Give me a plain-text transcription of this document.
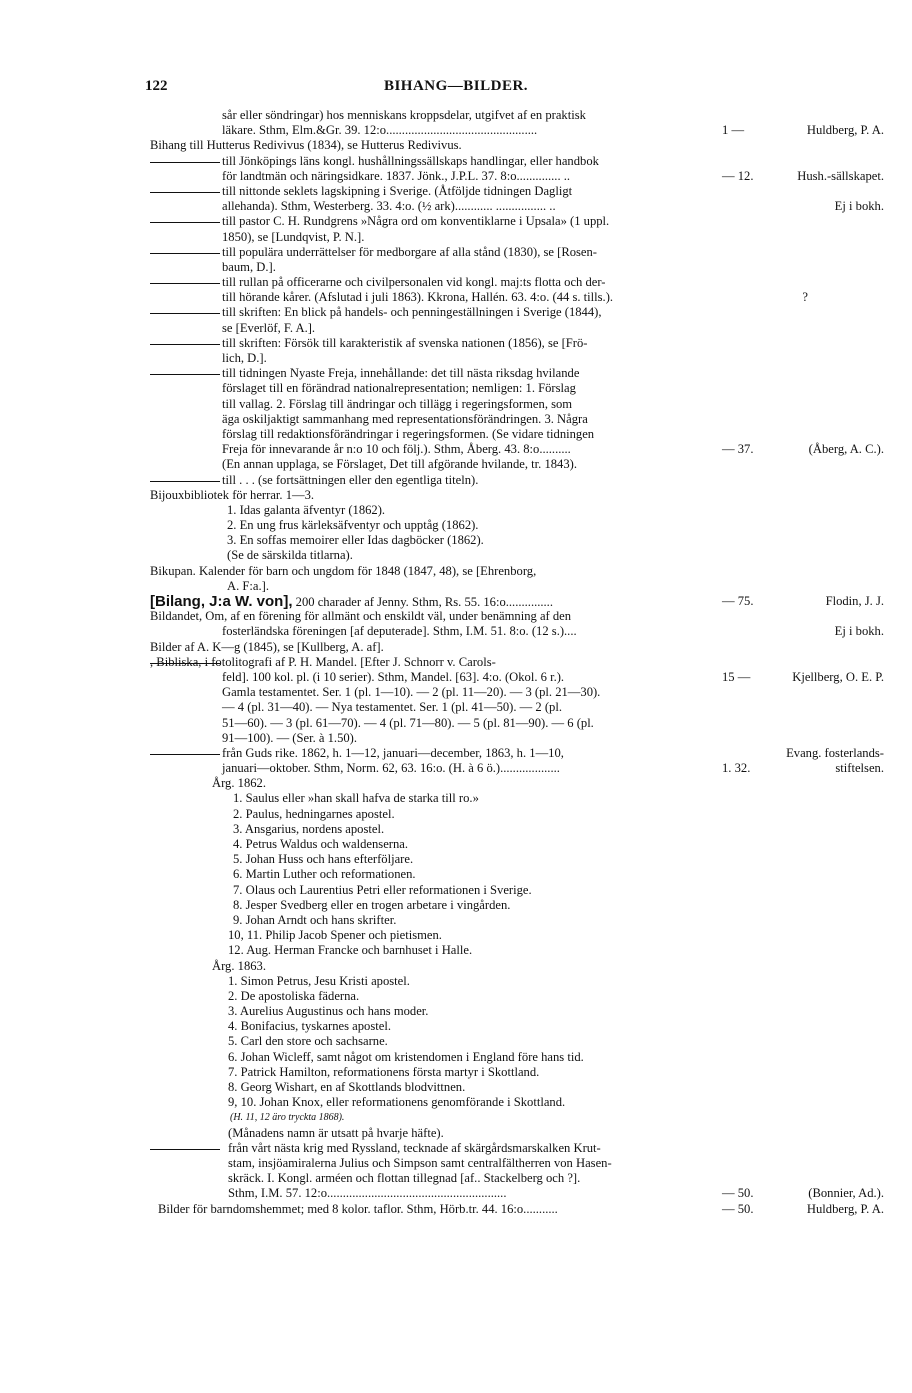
122	BIHANG—BILDER.
sår eller söndringar) hos menniskans kroppsdelar, utgifvet af en praktisk
läkare. Sthm, Elm.&Gr. 39. 12:o................................................	1 —	Huldberg, P. A.
Bihang till Hutterus Redivivus (1834), se Hutterus Redivivus.
till Jönköpings läns kongl. hushållningssällskaps handlingar, eller handbok
för landtmän och näringsidkare. 1837. Jönk., J.P.L. 37. 8:o.............. ..	— 12.	Hush.-sällskapet.
till nittonde seklets lagskipning i Sverige. (Åtföljde tidningen Dagligt
allehanda). Sthm, Westerberg. 33. 4:o. (½ ark)............ ................ ..	Ej i bokh.
till pastor C. H. Rundgrens »Några ord om konventiklarne i Upsala» (1 uppl.
1850), se [Lundqvist, P. N.].
till populära underrättelser för medborgare af alla stånd (1830), se [Rosen-
baum, D.].
till rullan på officerarne och civilpersonalen vid kongl. maj:ts flotta och der-
till hörande kårer. (Afslutad i juli 1863). Kkrona, Hallén. 63. 4:o. (44 s. tills.).	?
till skriften: En blick på handels- och penningeställningen i Sverige (1844),
se [Everlöf, F. A.].
till skriften: Försök till karakteristik af svenska nationen (1856), se [Frö-
lich, D.].
till tidningen Nyaste Freja, innehållande: det till nästa riksdag hvilande
förslaget till en förändrad nationalrepresentation; nemligen: 1. Förslag
till vallag. 2. Förslag till ändringar och tillägg i regeringsformen, som
äga oskiljaktigt sammanhang med representationsförändringen. 3. Några
förslag till redaktionsförändringar i regeringsformen. (Se vidare tidningen
Freja för innevarande år n:o 10 och följ.). Sthm, Åberg. 43. 8:o..........	— 37.	(Åberg, A. C.).
(En annan upplaga, se Förslaget, Det till afgörande hvilande, tr. 1843).
till . . . (se fortsättningen eller den egentliga titeln).
Bijouxbibliotek för herrar. 1—3.
1. Idas galanta äfventyr (1862).
2. En ung frus kärleksäfventyr och upptåg (1862).
3. En soffas memoirer eller Idas dagböcker (1862).
(Se de särskilda titlarna).
Bikupan. Kalender för barn och ungdom för 1848 (1847, 48), se [Ehrenborg,
A. F:a.].
[Bilang, J:a W. von], 200 charader af Jenny. Sthm, Rs. 55. 16:o...............	— 75.	Flodin, J. J.
Bildandet, Om, af en förening för allmänt och enskildt väl, under benämning af den
fosterländska föreningen [af deputerade]. Sthm, I.M. 51. 8:o. (12 s.)....	Ej i bokh.
Bilder af A. K—g (1845), se [Kullberg, A. af].
, Bibliska, i fotolitografi af P. H. Mandel. [Efter J. Schnorr v. Carols-
feld]. 100 kol. pl. (i 10 serier). Sthm, Mandel. [63]. 4:o. (Okol. 6 r.).	15 —	Kjellberg, O. E. P.
Gamla testamentet. Ser. 1 (pl. 1—10). — 2 (pl. 11—20). — 3 (pl. 21—30).
— 4 (pl. 31—40). — Nya testamentet. Ser. 1 (pl. 41—50). — 2 (pl.
51—60). — 3 (pl. 61—70). — 4 (pl. 71—80). — 5 (pl. 81—90). — 6 (pl.
91—100). — (Ser. à 1.50).
från Guds rike. 1862, h. 1—12, januari—december, 1863, h. 1—10,	Evang. fosterlands-
januari—oktober. Sthm, Norm. 62, 63. 16:o. (H. à 6 ö.)...................	1. 32.	stiftelsen.
Årg. 1862.
1. Saulus eller »han skall hafva de starka till ro.»
2. Paulus, hedningarnes apostel.
3. Ansgarius, nordens apostel.
4. Petrus Waldus och waldenserna.
5. Johan Huss och hans efterföljare.
6. Martin Luther och reformationen.
7. Olaus och Laurentius Petri eller reformationen i Sverige.
8. Jesper Svedberg eller en trogen arbetare i vingården.
9. Johan Arndt och hans skrifter.
10, 11. Philip Jacob Spener och pietismen.
12. Aug. Herman Francke och barnhuset i Halle.
Årg. 1863.
1. Simon Petrus, Jesu Kristi apostel.
2. De apostoliska fäderna.
3. Aurelius Augustinus och hans moder.
4. Bonifacius, tyskarnes apostel.
5. Carl den store och sachsarne.
6. Johan Wicleff, samt något om kristendomen i England före hans tid.
7. Patrick Hamilton, reformationens första martyr i Skottland.
8. Georg Wishart, en af Skottlands blodvittnen.
9, 10. Johan Knox, eller reformationens genomförande i Skottland.
(H. 11, 12 äro tryckta 1868).
(Månadens namn är utsatt på hvarje häfte).
från vårt nästa krig med Ryssland, tecknade af skärgårdsmarskalken Krut-
stam, insjöamiralerna Julius och Simpson samt centralfältherren von Hasen-
skräck. I. Kongl. arméen och flottan tillegnad [af.. Stackelberg och ?].
Sthm, I.M. 57. 12:o.........................................................	— 50.	(Bonnier, Ad.).
Bilder för barndomshemmet; med 8 kolor. taflor. Sthm, Hörb.tr. 44. 16:o...........	— 50.	Huldberg, P. A.
